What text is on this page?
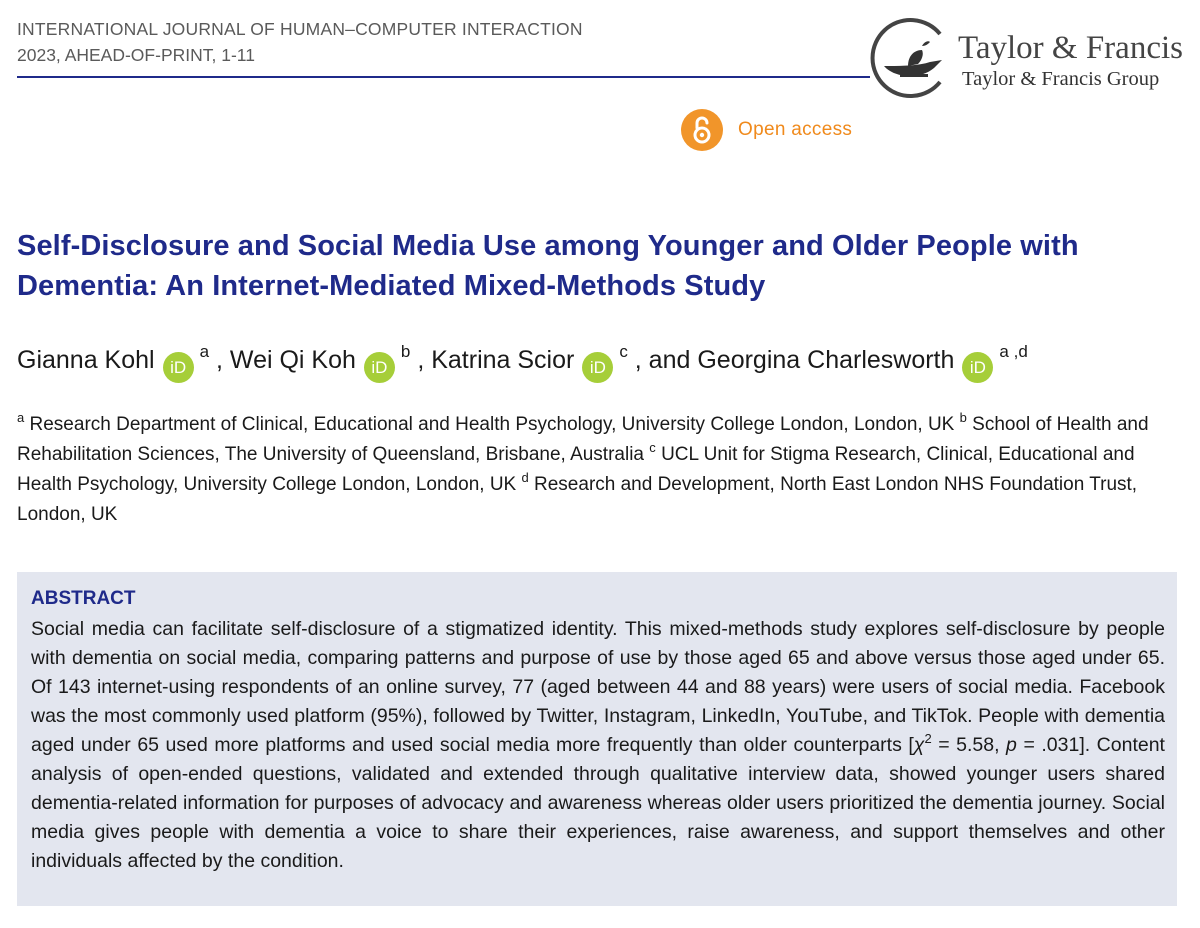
INTERNATIONAL JOURNAL OF HUMAN–COMPUTER INTERACTION
2023, AHEAD-OF-PRINT, 1-11	Taylor & Francis
Taylor & Francis Group
Open access
Self-Disclosure and Social Media Use among Younger and Older People with Dementia: An Internet-Mediated Mixed-Methods Study
Gianna Kohl iD$^a$ , Wei Qi Koh iD$^b$ , Katrina Scior iD$^c$ , and Georgina Charlesworth iD$^{a ,d}$

$^a$ Research Department of Clinical, Educational and Health Psychology, University College London, London, UK $^b$ School of Health and Rehabilitation Sciences, The University of Queensland, Brisbane, Australia $^c$ UCL Unit for Stigma Research, Clinical, Educational and Health Psychology, University College London, London, UK $^d$ Research and Development, North East London NHS Foundation Trust, London, UK

ABSTRACT

Social media can facilitate self-disclosure of a stigmatized identity. This mixed-methods study explores self-disclosure by people with dementia on social media, comparing patterns and purpose of use by those aged 65 and above versus those aged under 65. Of 143 internet-using respondents of an online survey, 77 (aged between 44 and 88 years) were users of social media. Facebook was the most commonly used platform (95%), followed by Twitter, Instagram, LinkedIn, YouTube, and TikTok. People with dementia aged under 65 used more platforms and used social media more frequently than older counterparts [$\chi^2 = 5.58$, p = .031]. Content analysis of open-ended questions, validated and extended through qualitative interview data, showed younger users shared dementia-related information for purposes of advocacy and awareness whereas older users prioritized the dementia journey. Social media gives people with dementia a voice to share their experiences, raise awareness, and support themselves and other individuals affected by the condition.
